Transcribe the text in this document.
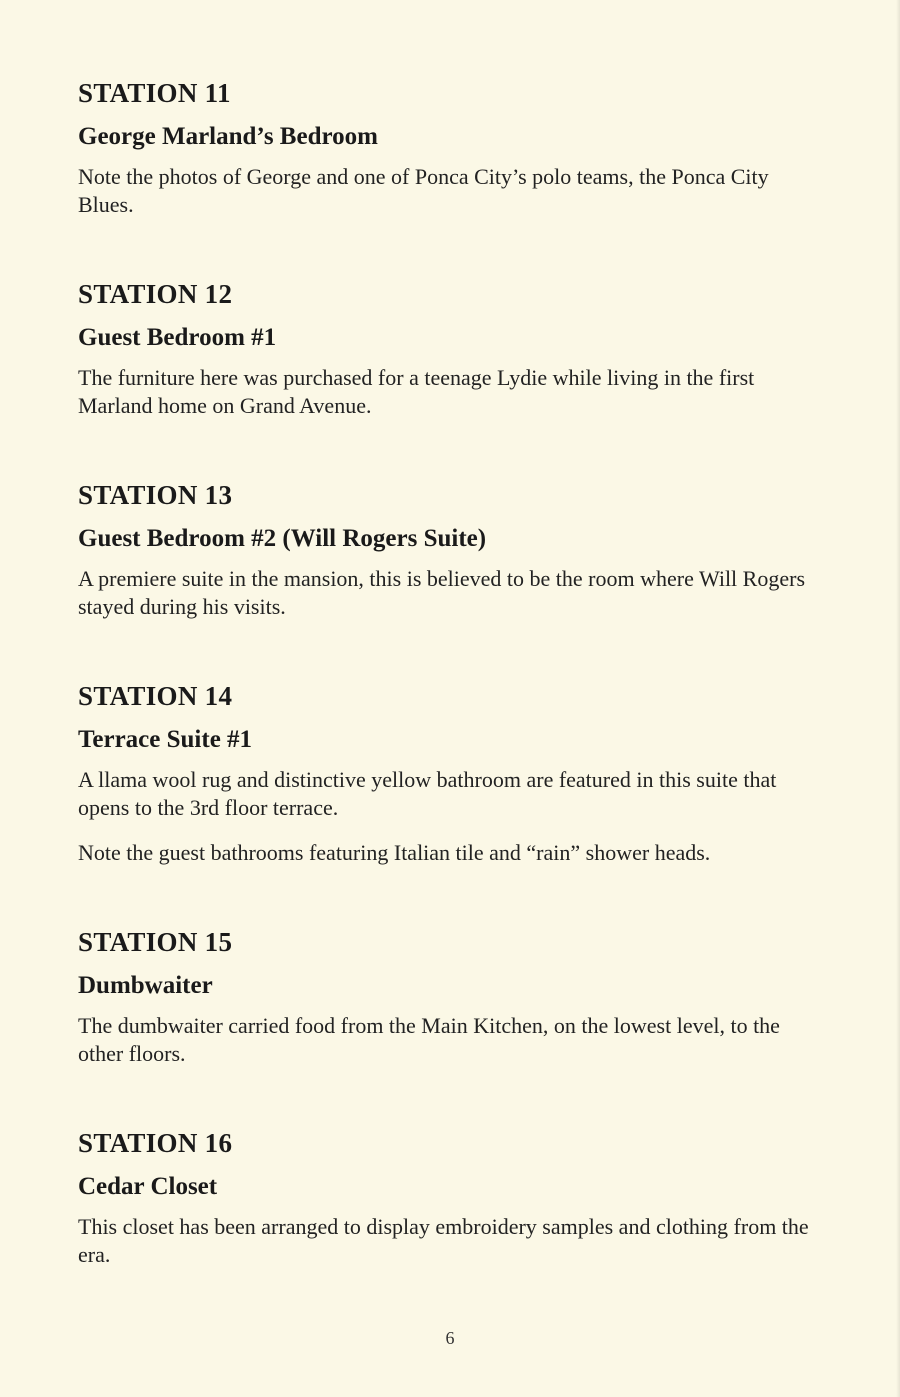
STATION 11
George Marland’s Bedroom

Note the photos of George and one of Ponca City’s polo teams, the Ponca City Blues.

STATION 12
Guest Bedroom #1

The furniture here was purchased for a teenage Lydie while living in the first Marland home on Grand Avenue.

STATION 13
Guest Bedroom #2 (Will Rogers Suite)

A premiere suite in the mansion, this is believed to be the room where Will Rogers stayed during his visits.

STATION 14
Terrace Suite #1

A llama wool rug and distinctive yellow bathroom are featured in this suite that opens to the 3rd floor terrace.

Note the guest bathrooms featuring Italian tile and “rain” shower heads.

STATION 15
Dumbwaiter

The dumbwaiter carried food from the Main Kitchen, on the lowest level, to the other floors.

STATION 16
Cedar Closet

This closet has been arranged to display embroidery samples and clothing from the era.

6
